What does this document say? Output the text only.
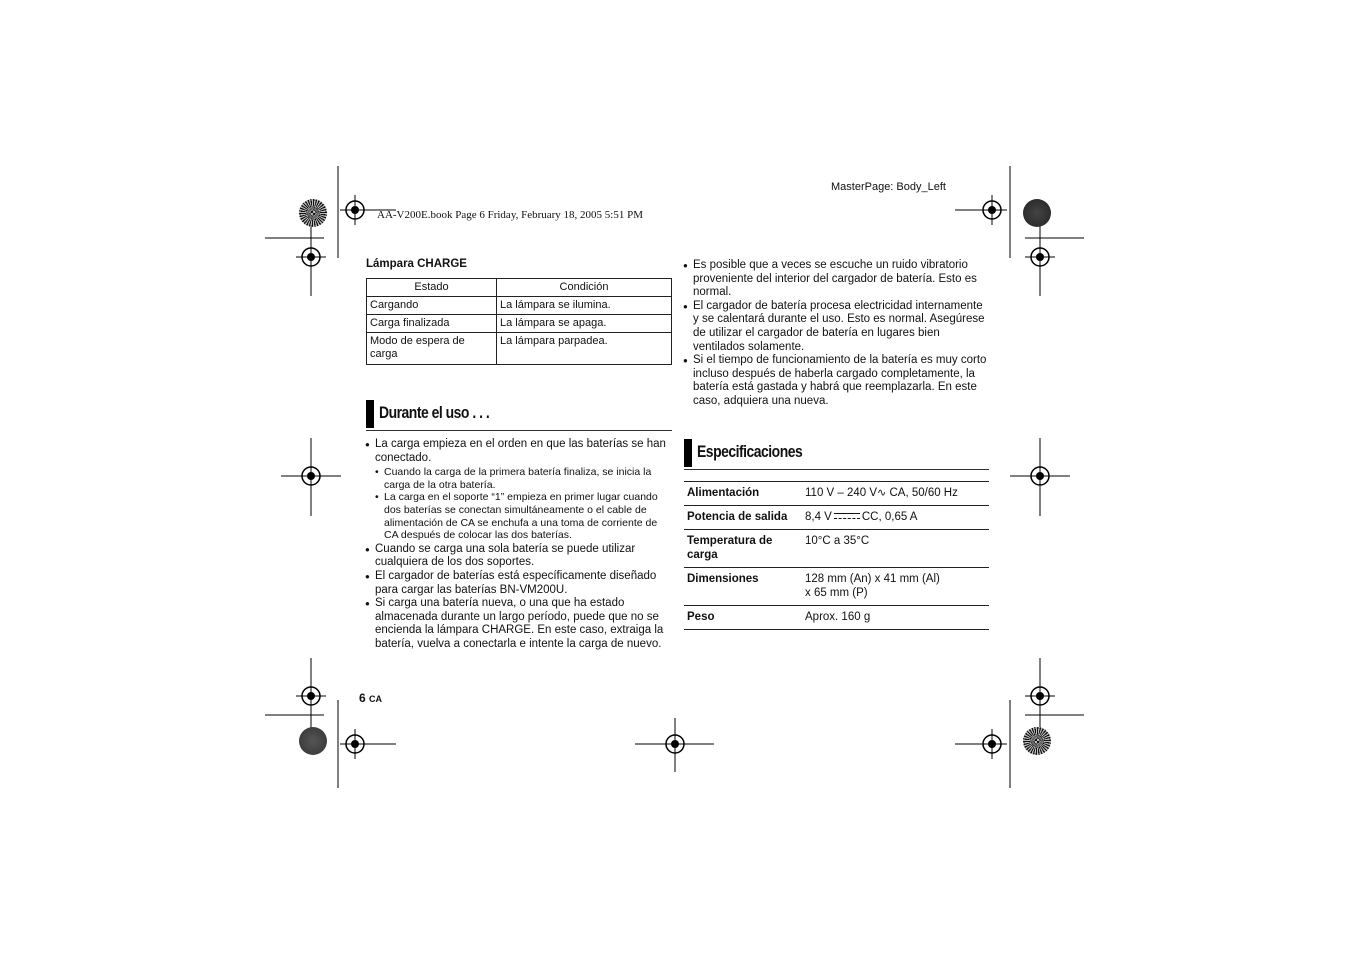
MasterPage: Body_Left
AA-V200E.book Page 6 Friday, February 18, 2005 5:51 PM
Lámpara CHARGE
Estado	Condición
Cargando	La lámpara se ilumina.
Carga finalizada	La lámpara se apaga.
Modo de espera de carga	La lámpara parpadea.
Durante el uso . . .
● La carga empieza en el orden en que las baterías se han conectado.
• Cuando la carga de la primera batería finaliza, se inicia la carga de la otra batería.
• La carga en el soporte “1” empieza en primer lugar cuando dos baterías se conectan simultáneamente o el cable de alimentación de CA se enchufa a una toma de corriente de CA después de colocar las dos baterías.
● Cuando se carga una sola batería se puede utilizar cualquiera de los dos soportes.
● El cargador de baterías está específicamente diseñado para cargar las baterías BN-VM200U.
● Si carga una batería nueva, o una que ha estado almacenada durante un largo período, puede que no se encienda la lámpara CHARGE. En este caso, extraiga la batería, vuelva a conectarla e intente la carga de nuevo.
● Es posible que a veces se escuche un ruido vibratorio proveniente del interior del cargador de batería. Esto es normal.
● El cargador de batería procesa electricidad internamente y se calentará durante el uso. Esto es normal. Asegúrese de utilizar el cargador de batería en lugares bien ventilados solamente.
● Si el tiempo de funcionamiento de la batería es muy corto incluso después de haberla cargado completamente, la batería está gastada y habrá que reemplazarla. En este caso, adquiera una nueva.
Especificaciones
Alimentación	110 V – 240 V∿ CA, 50/60 Hz
Potencia de salida	8,4 V CC, 0,65 A
Temperatura de carga	10°C a 35°C
Dimensiones	128 mm (An) x 41 mm (Al)
x 65 mm (P)

Peso	Aprox. 160 g
6 CA
